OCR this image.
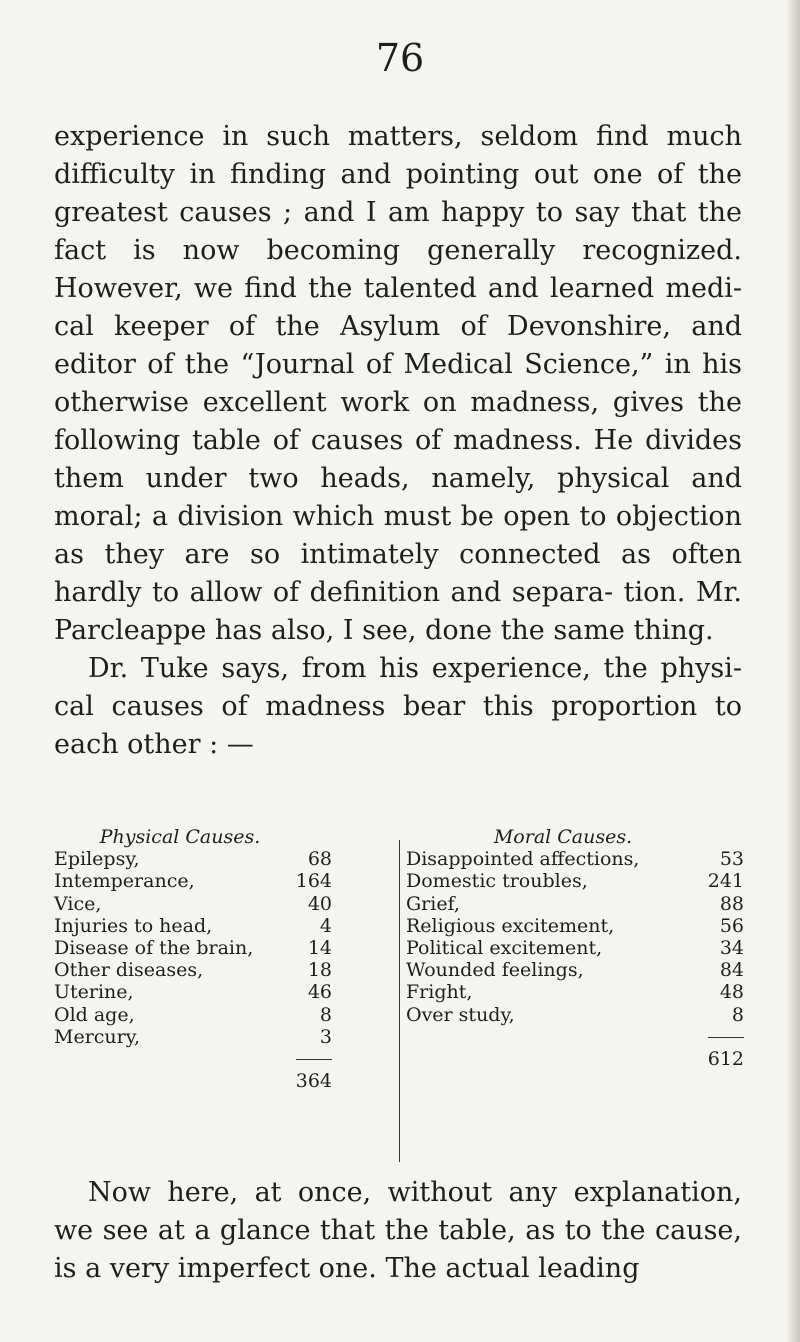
76

experience in such matters, seldom find much difficulty in finding and pointing out one of the greatest causes ; and I am happy to say that the fact is now becoming generally recognized. However, we find the talented and learned medi- cal keeper of the Asylum of Devonshire, and editor of the “Journal of Medical Science,” in his otherwise excellent work on madness, gives the following table of causes of madness. He divides them under two heads, namely, physical and moral; a division which must be open to objection as they are so intimately connected as often hardly to allow of definition and separa- tion. Mr. Parcleappe has also, I see, done the same thing.

Dr. Tuke says, from his experience, the physi- cal causes of madness bear this proportion to each other : —

Physical Causes.
Epilepsy,	68
Intemperance,	164
Vice,	40
Injuries to head,	4
Disease of the brain,	14
Other diseases,	18
Uterine,	46
Old age,	8
Mercury,	3
364
Moral Causes.
Disappointed affections,	53
Domestic troubles,	241
Grief,	88
Religious excitement,	56
Political excitement,	34
Wounded feelings,	84
Fright,	48
Over study,	8
612

Now here, at once, without any explanation, we see at a glance that the table, as to the cause, is a very imperfect one. The actual leading
